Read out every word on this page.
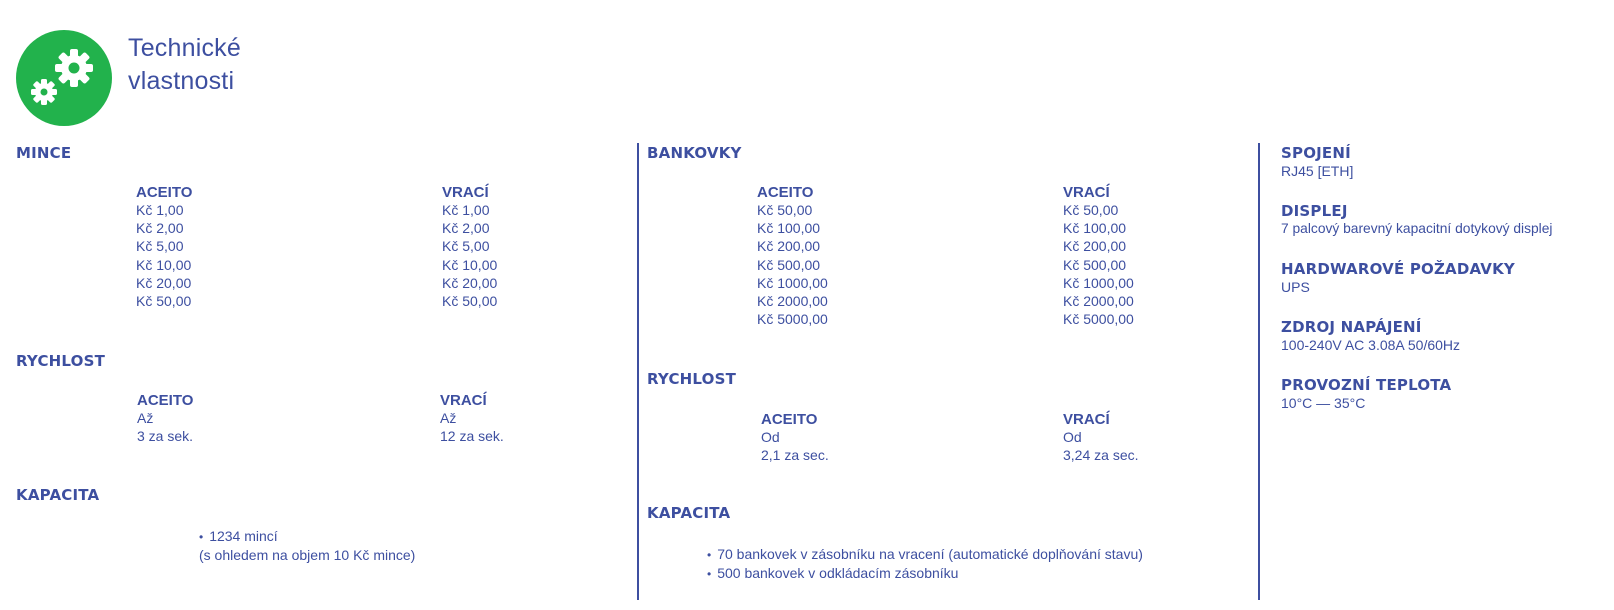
Technické
vlastnosti
MINCE
ACEITO
Kč 1,00
Kč 2,00
Kč 5,00
Kč 10,00
Kč 20,00
Kč 50,00
VRACÍ
Kč 1,00
Kč 2,00
Kč 5,00
Kč 10,00
Kč 20,00
Kč 50,00
RYCHLOST
ACEITO
Až
3 za sek.
VRACÍ
Až
12 za sek.
KAPACITA
• 1234 mincí
(s ohledem na objem 10 Kč mince)
BANKOVKY
ACEITO
Kč 50,00
Kč 100,00
Kč 200,00
Kč 500,00
Kč 1000,00
Kč 2000,00
Kč 5000,00
VRACÍ
Kč 50,00
Kč 100,00
Kč 200,00
Kč 500,00
Kč 1000,00
Kč 2000,00
Kč 5000,00
RYCHLOST
ACEITO
Od
2,1 za sec.
VRACÍ
Od
3,24 za sec.
KAPACITA
• 70 bankovek v zásobníku na vracení (automatické doplňování stavu)
• 500 bankovek v odkládacím zásobníku
SPOJENÍ
RJ45 [ETH]
DISPLEJ
7 palcový barevný kapacitní dotykový displej
HARDWAROVÉ POŽADAVKY
UPS
ZDROJ NAPÁJENÍ
100-240V AC 3.08A 50/60Hz
PROVOZNÍ TEPLOTA
10°C — 35°C
